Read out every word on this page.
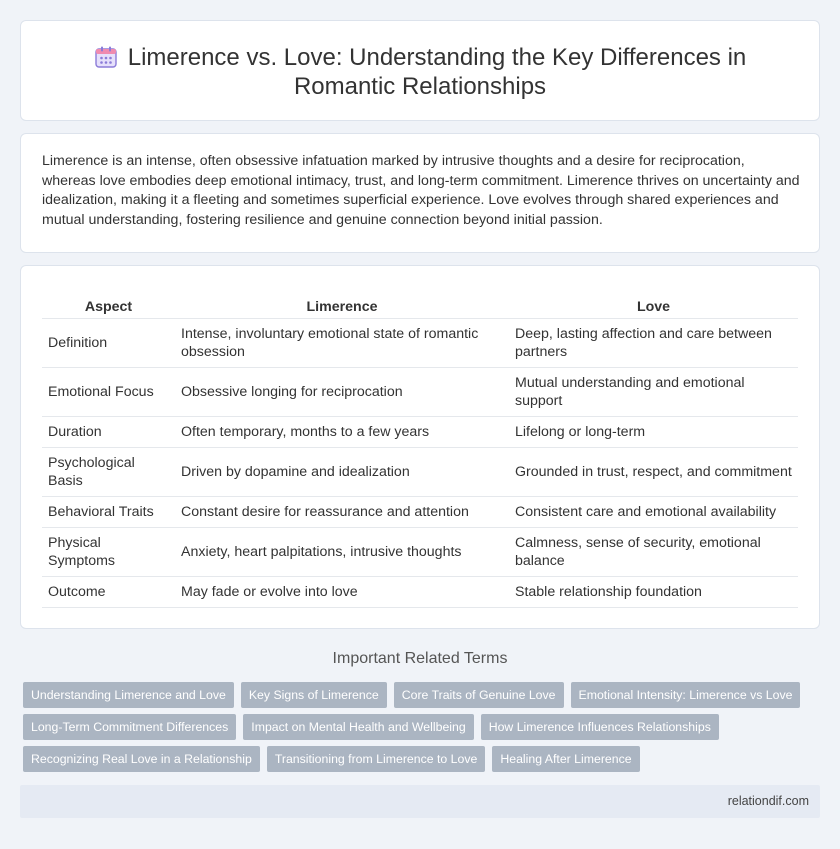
Limerence vs. Love: Understanding the Key Differences in
Romantic Relationships

Limerence is an intense, often obsessive infatuation marked by intrusive thoughts and a desire for reciprocation, whereas love embodies deep emotional intimacy, trust, and long-term commitment. Limerence thrives on uncertainty and idealization, making it a fleeting and sometimes superficial experience. Love evolves through shared experiences and mutual understanding, fostering resilience and genuine connection beyond initial passion.

Aspect	Limerence	Love
Definition	Intense, involuntary emotional state of romantic obsession	Deep, lasting affection and care between partners
Emotional Focus	Obsessive longing for reciprocation	Mutual understanding and emotional support
Duration	Often temporary, months to a few years	Lifelong or long-term
Psychological Basis	Driven by dopamine and idealization	Grounded in trust, respect, and commitment
Behavioral Traits	Constant desire for reassurance and attention	Consistent care and emotional availability
Physical Symptoms	Anxiety, heart palpitations, intrusive thoughts	Calmness, sense of security, emotional balance
Outcome	May fade or evolve into love	Stable relationship foundation
Important Related Terms
Understanding Limerence and Love	Key Signs of Limerence	Core Traits of Genuine Love	Emotional Intensity: Limerence vs Love
Long-Term Commitment Differences	Impact on Mental Health and Wellbeing	How Limerence Influences Relationships
Recognizing Real Love in a Relationship	Transitioning from Limerence to Love	Healing After Limerence
relationdif.com
